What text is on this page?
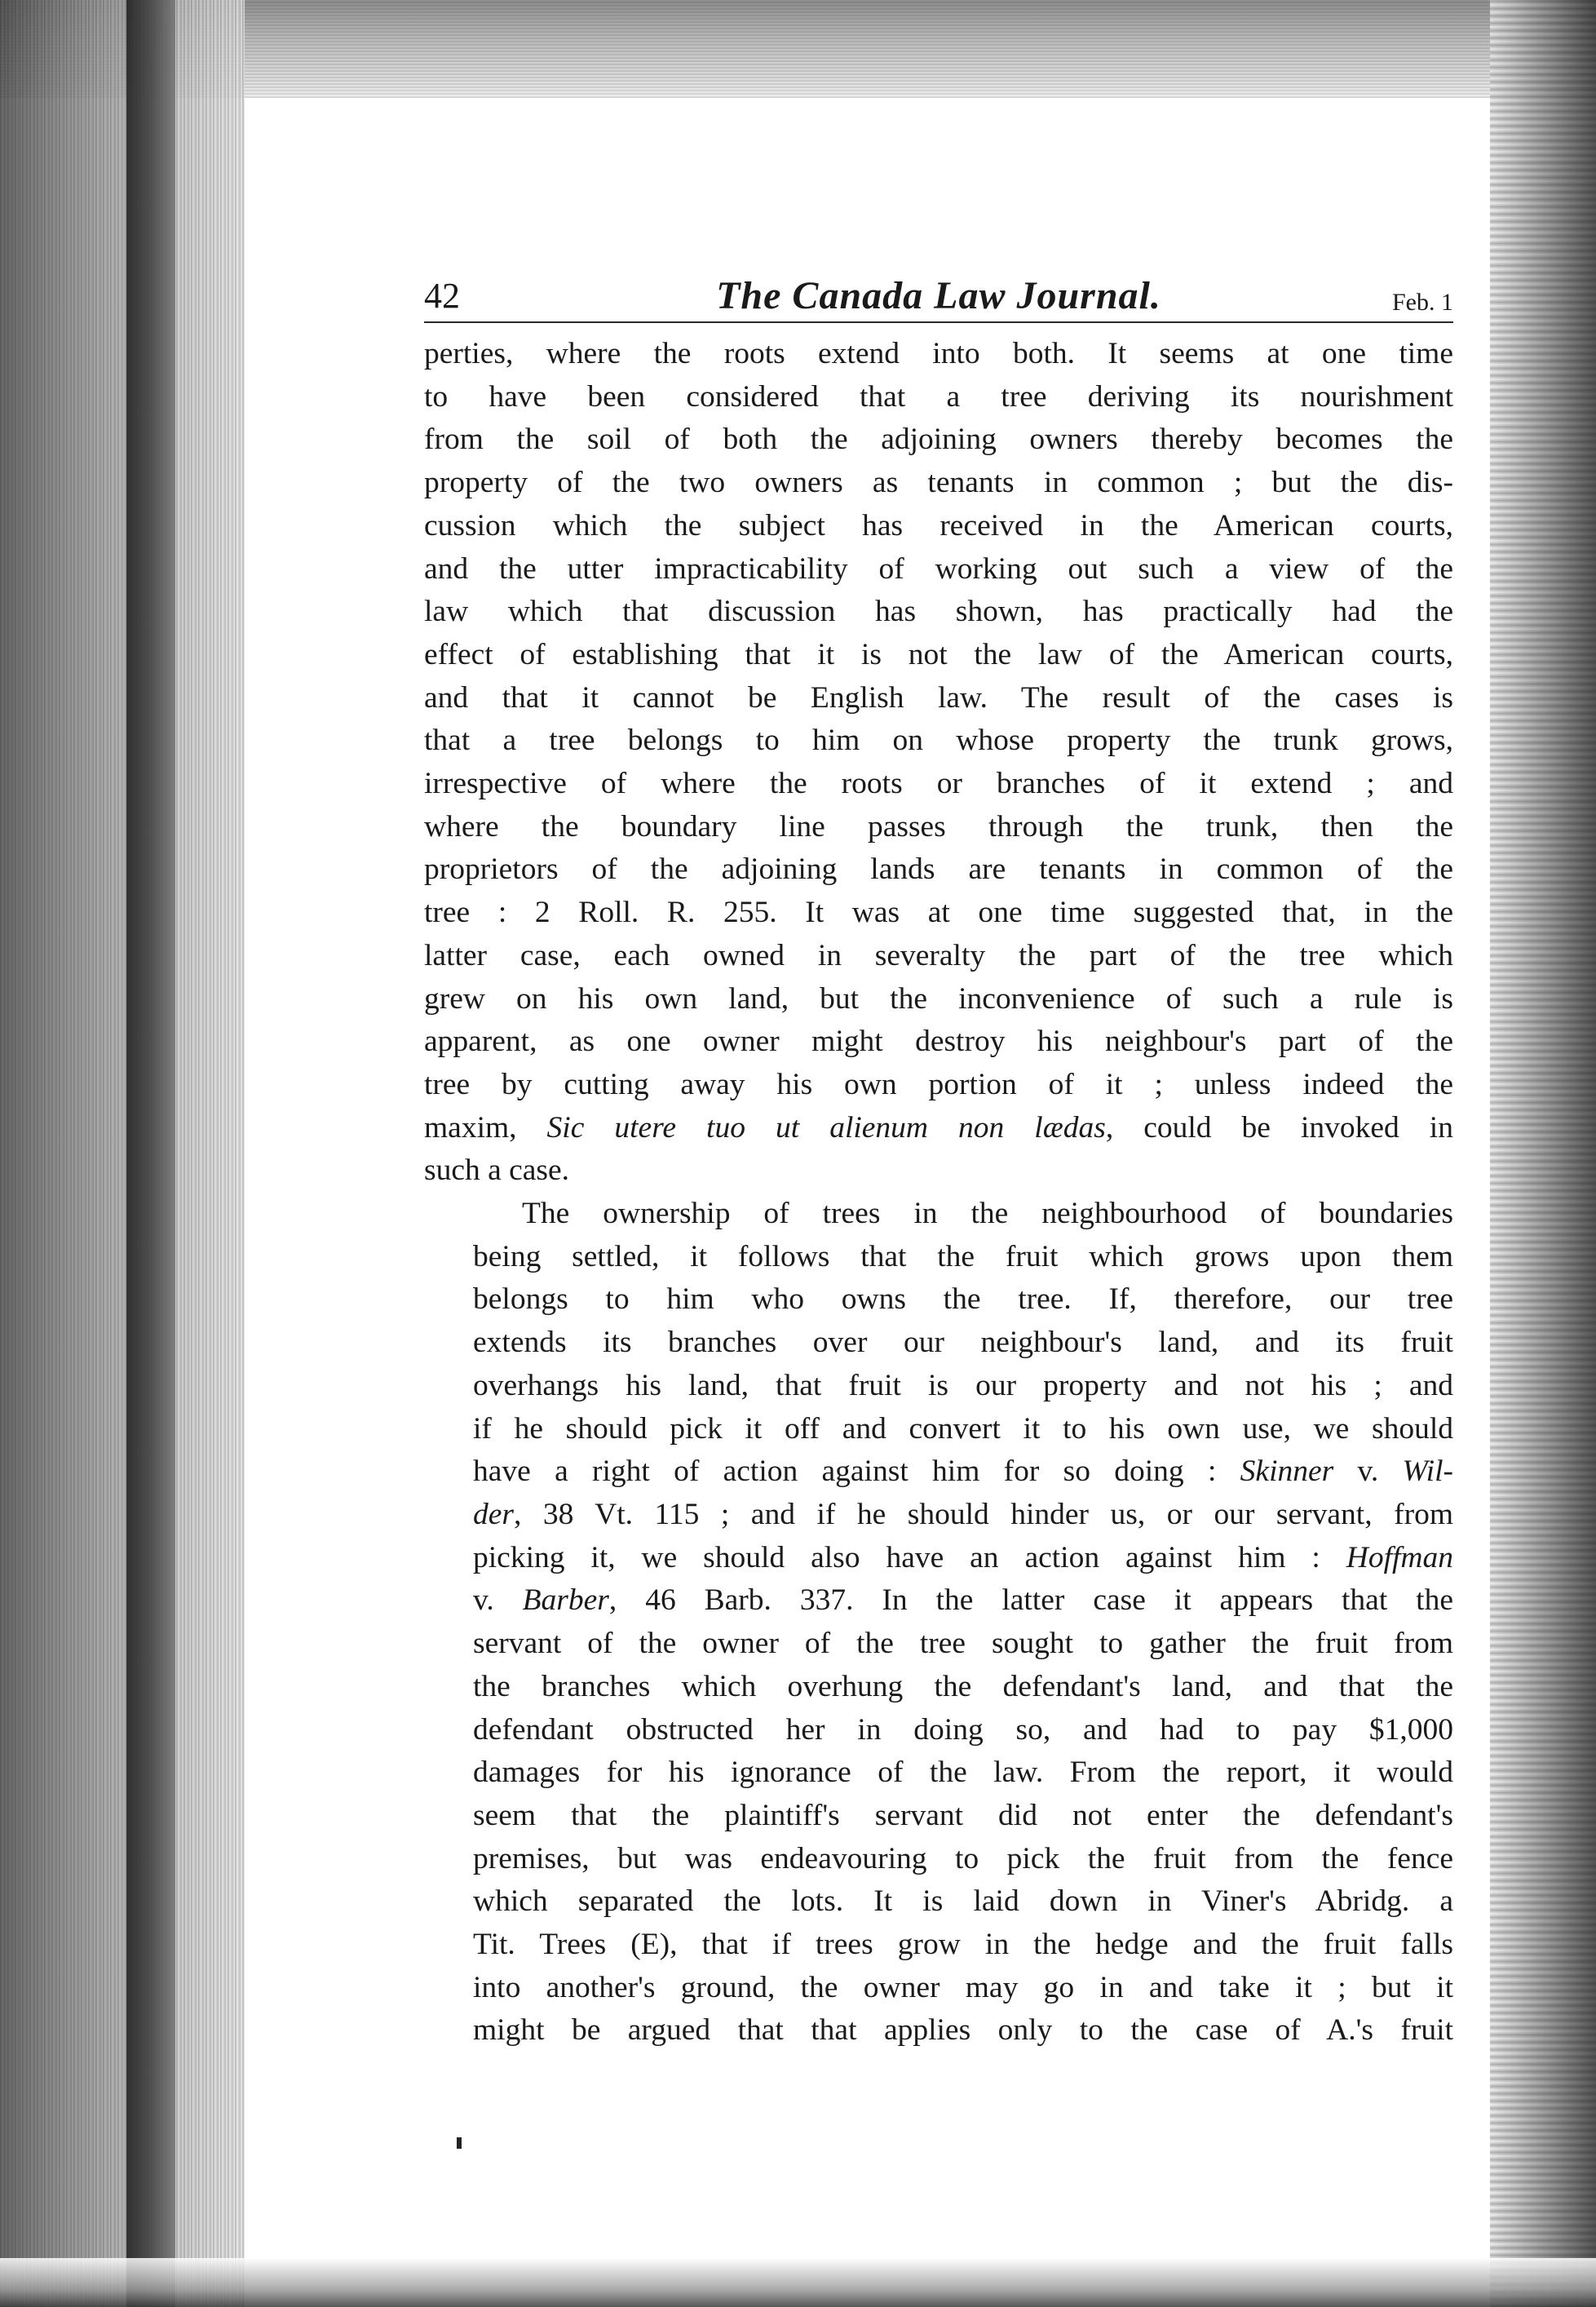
42	The Canada Law Journal.	Feb. 1
perties, where the roots extend into both. It seems at one time
to have been considered that a tree deriving its nourishment
from the soil of both the adjoining owners thereby becomes the
property of the two owners as tenants in common ; but the dis-
cussion which the subject has received in the American courts,
and the utter impracticability of working out such a view of the
law which that discussion has shown, has practically had the
effect of establishing that it is not the law of the American courts,
and that it cannot be English law. The result of the cases is
that a tree belongs to him on whose property the trunk grows,
irrespective of where the roots or branches of it extend ; and
where the boundary line passes through the trunk, then the
proprietors of the adjoining lands are tenants in common of the
tree : 2 Roll. R. 255. It was at one time suggested that, in the
latter case, each owned in severalty the part of the tree which
grew on his own land, but the inconvenience of such a rule is
apparent, as one owner might destroy his neighbour's part of the
tree by cutting away his own portion of it ; unless indeed the
maxim, Sic utere tuo ut alienum non lædas, could be invoked in
such a case.
The ownership of trees in the neighbourhood of boundaries
being settled, it follows that the fruit which grows upon them
belongs to him who owns the tree. If, therefore, our tree
extends its branches over our neighbour's land, and its fruit
overhangs his land, that fruit is our property and not his ; and
if he should pick it off and convert it to his own use, we should
have a right of action against him for so doing : Skinner v. Wil-
der, 38 Vt. 115 ; and if he should hinder us, or our servant, from
picking it, we should also have an action against him : Hoffman
v. Barber, 46 Barb. 337. In the latter case it appears that the
servant of the owner of the tree sought to gather the fruit from
the branches which overhung the defendant's land, and that the
defendant obstructed her in doing so, and had to pay $1,000
damages for his ignorance of the law. From the report, it would
seem that the plaintiff's servant did not enter the defendant's
premises, but was endeavouring to pick the fruit from the fence
which separated the lots. It is laid down in Viner's Abridg. a
Tit. Trees (E), that if trees grow in the hedge and the fruit falls
into another's ground, the owner may go in and take it ; but it
might be argued that that applies only to the case of A.'s fruit
